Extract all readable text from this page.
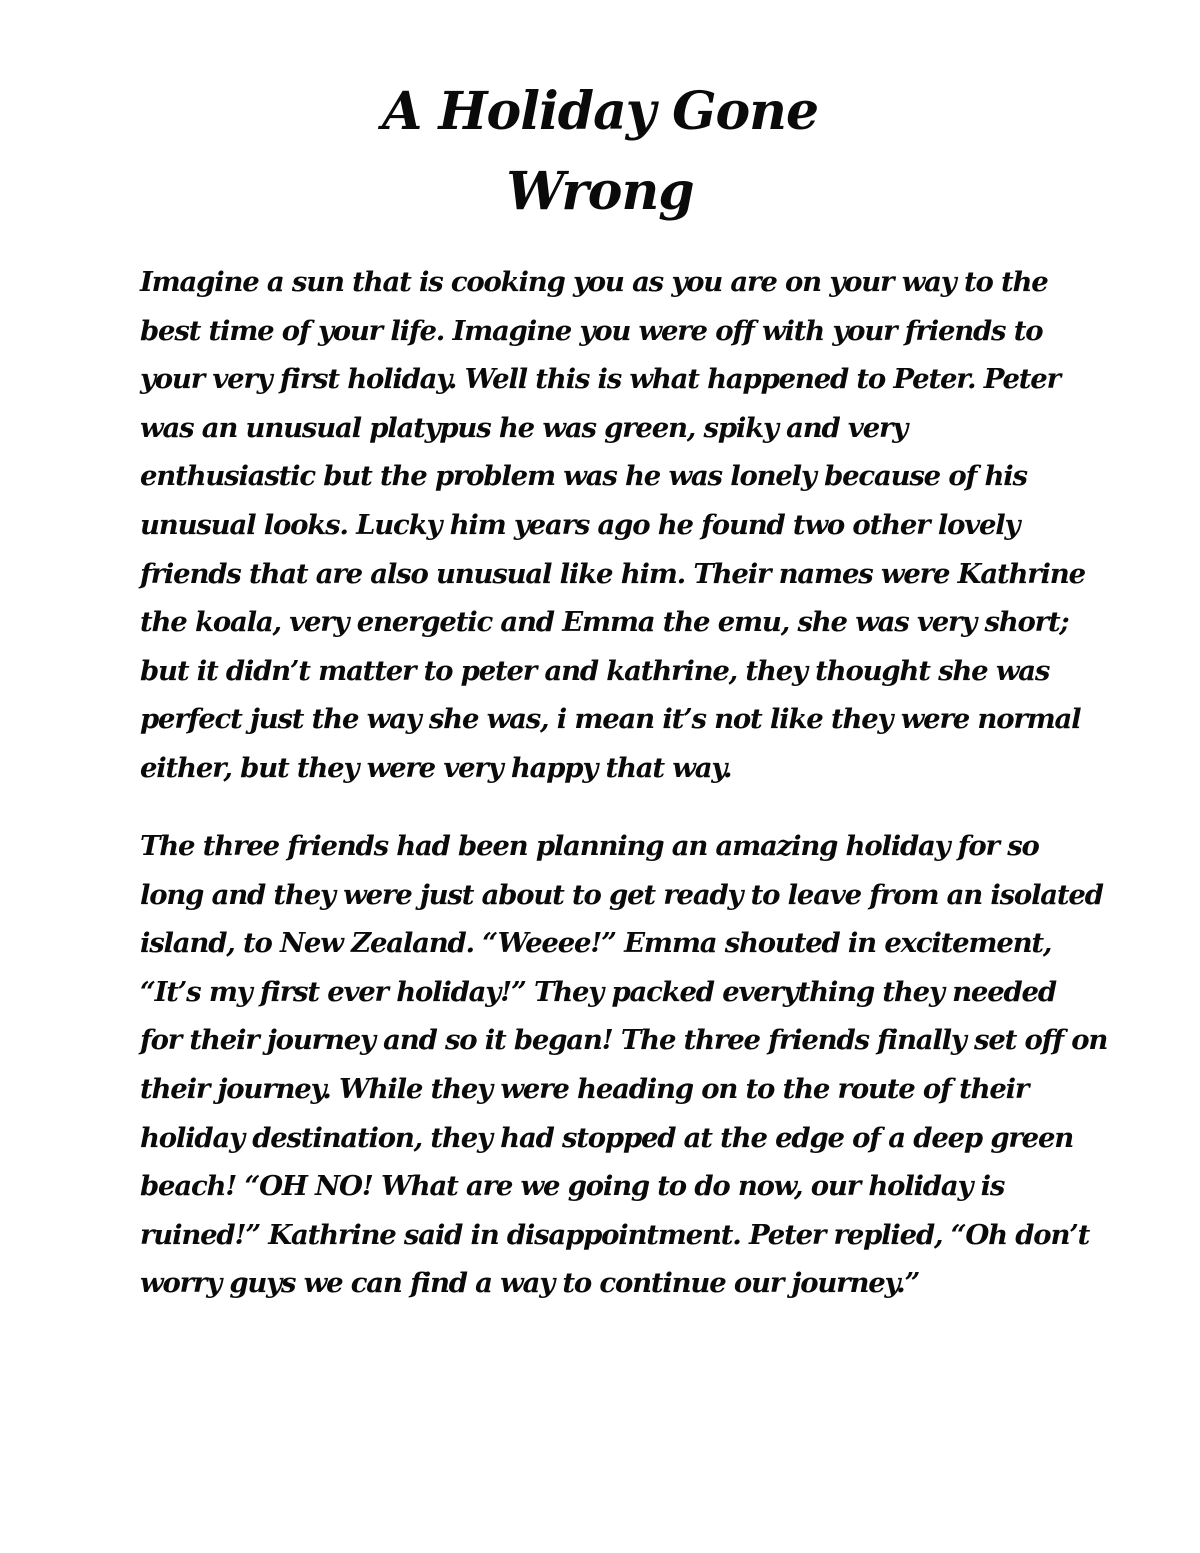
A Holiday Gone
Wrong

Imagine a sun that is cooking you as you are on your way to the
best time of your life. Imagine you were off with your friends to
your very first holiday. Well this is what happened to Peter. Peter
was an unusual platypus he was green, spiky and very
enthusiastic but the problem was he was lonely because of his
unusual looks. Lucky him years ago he found two other lovely
friends that are also unusual like him. Their names were Kathrine
the koala, very energetic and Emma the emu, she was very short;
but it didn’t matter to peter and kathrine, they thought she was
perfect just the way she was, i mean it’s not like they were normal
either, but they were very happy that way.

The three friends had been planning an amazing holiday for so
long and they were just about to get ready to leave from an isolated
island, to New Zealand. “Weeee!” Emma shouted in excitement,
“It’s my first ever holiday!” They packed everything they needed
for their journey and so it began! The three friends finally set off on
their journey. While they were heading on to the route of their
holiday destination, they had stopped at the edge of a deep green
beach! “OH NO! What are we going to do now, our holiday is
ruined!” Kathrine said in disappointment. Peter replied, “Oh don’t
worry guys we can find a way to continue our journey.”
